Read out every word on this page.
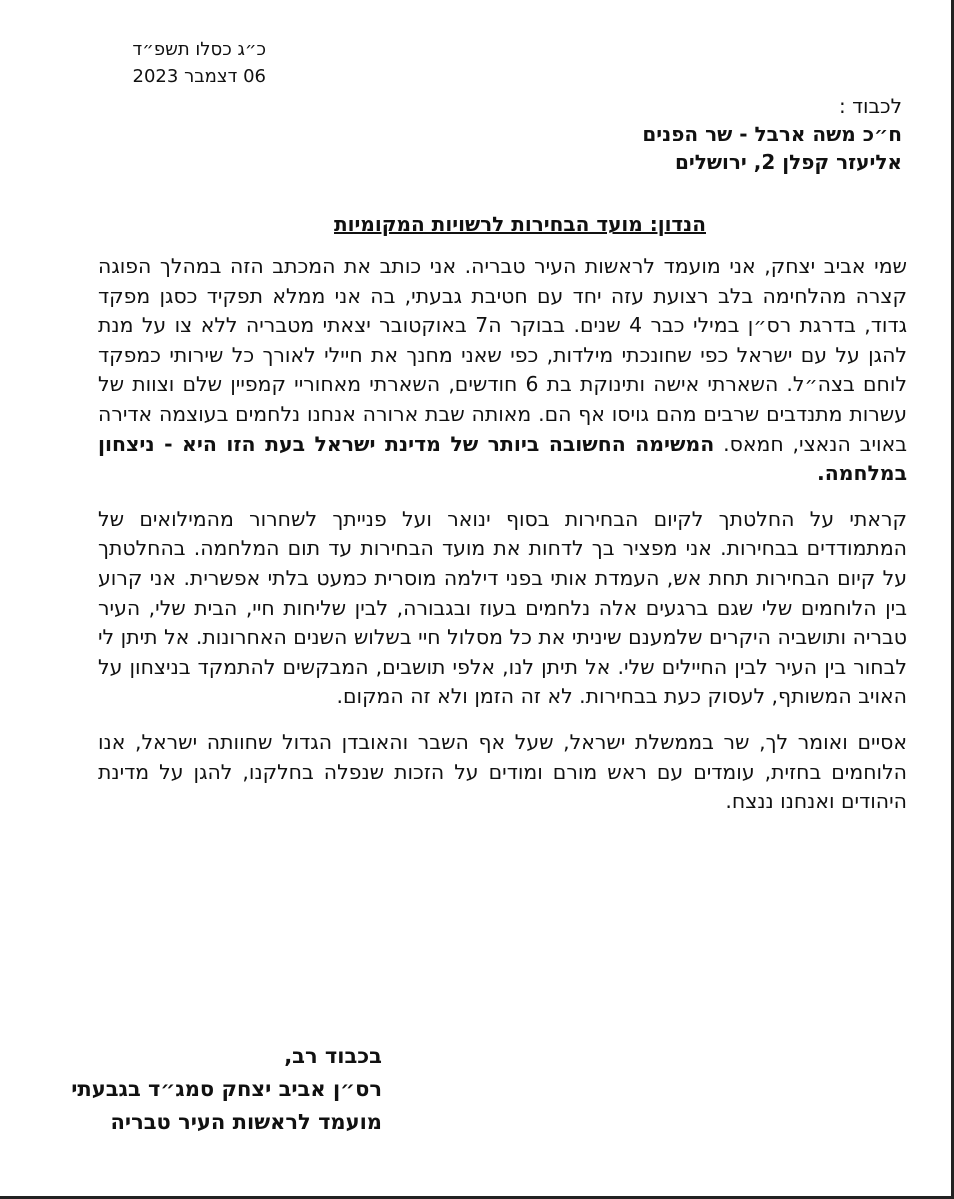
כ״ג כסלו תשפ״ד
06 דצמבר 2023
לכבוד :
ח״כ משה ארבל - שר הפנים
אליעזר קפלן 2, ירושלים
הנדון: מועד הבחירות לרשויות המקומיות

שמי אביב יצחק, אני מועמד לראשות העיר טבריה. אני כותב את המכתב הזה במהלך הפוגה קצרה מהלחימה בלב רצועת עזה יחד עם חטיבת גבעתי, בה אני ממלא תפקיד כסגן מפקד גדוד, בדרגת רס״ן במילי כבר 4 שנים. בבוקר ה7 באוקטובר יצאתי מטבריה ללא צו על מנת להגן על עם ישראל כפי שחונכתי מילדות, כפי שאני מחנך את חיילי לאורך כל שירותי כמפקד לוחם בצה״ל. השארתי אישה ותינוקת בת 6 חודשים, השארתי מאחוריי קמפיין שלם וצוות של עשרות מתנדבים שרבים מהם גויסו אף הם. מאותה שבת ארורה אנחנו נלחמים בעוצמה אדירה באויב הנאצי, חמאס. המשימה החשובה ביותר של מדינת ישראל בעת הזו היא - ניצחון במלחמה.

קראתי על החלטתך לקיום הבחירות בסוף ינואר ועל פנייתך לשחרור מהמילואים של המתמודדים בבחירות. אני מפציר בך לדחות את מועד הבחירות עד תום המלחמה. בהחלטתך על קיום הבחירות תחת אש, העמדת אותי בפני דילמה מוסרית כמעט בלתי אפשרית. אני קרוע בין הלוחמים שלי שגם ברגעים אלה נלחמים בעוז ובגבורה, לבין שליחות חיי, הבית שלי, העיר טבריה ותושביה היקרים שלמענם שיניתי את כל מסלול חיי בשלוש השנים האחרונות. אל תיתן לי לבחור בין העיר לבין החיילים שלי. אל תיתן לנו, אלפי תושבים, המבקשים להתמקד בניצחון על האויב המשותף, לעסוק כעת בבחירות. לא זה הזמן ולא זה המקום.

אסיים ואומר לך, שר בממשלת ישראל, שעל אף השבר והאובדן הגדול שחוותה ישראל, אנו הלוחמים בחזית, עומדים עם ראש מורם ומודים על הזכות שנפלה בחלקנו, להגן על מדינת היהודים ואנחנו ננצח.

בכבוד רב,
רס״ן אביב יצחק סמג״ד בגבעתי
מועמד לראשות העיר טבריה
